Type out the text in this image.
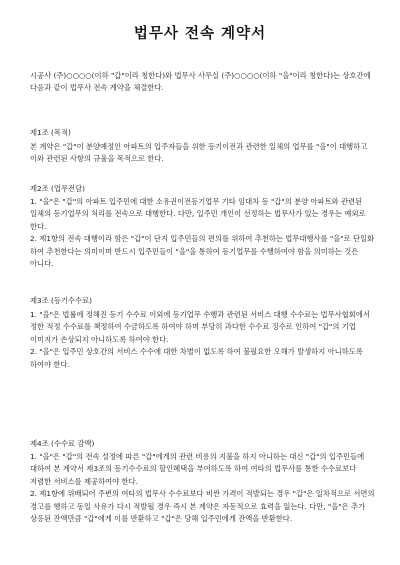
법무사 전속 계약서
시공사 (주)○○○○(이하 "갑"이라 칭한다)와 법무사 사무실 (주)○○○○(이하 "을"이라 칭한다)는 상호간에 다음과 같이 법무사 전속 계약을 체결한다.
제1조 (목적)

본 계약은 "갑"이 분양예정인 아파트의 입주자들을 위한 등기이전과 관련한 일체의 업무를 "을"이 대행하고 이와 관련된 사항의 규율을 목적으로 한다.

제2조 (업무전담)

1. "을"은 "갑"의 아파트 입주민에 대한 소유권이전등기업무 기타 임대차 등 "갑"의 분양 아파트와 관련된 일체의 등기업무의 처리를 전속으로 대행한다. 다만, 입주민 개인이 선정하는 법무사가 있는 경우는 예외로 한다.

2. 제1항의 전속 대행이라 함은 "갑"이 단지 입주민들의 편의를 위하여 추천하는 법무대행사를 "을"로 단일화 하여 추천한다는 의미이며 반드시 입주민들이 "을"을 통하여 등기업무를 수행하여야 함을 의미하는 것은 아니다.

제3조 (등기수수료)

1. "을"은 법률에 정해진 등기 수수료 이외에 등기업무 수행과 관련된 서비스 대행 수수료는 법무사협회에서 정한 적정 수수료를 책정하여 수금하도록 하여야 하며 부당히 과다한 수수료 징수로 인하여 "갑"의 기업 이미지가 손상되지 아니하도록 하여야 한다.

2. "을"은 입주민 상호간의 서비스 수수에 대한 차별이 없도록 하여 불필요한 오해가 발생하지 아니하도록 하여야 한다.

제4조 (수수료 감액)

1. "을"은 "갑"의 전속 설정에 따른 "갑"에게의 관련 비용의 지불을 하지 아니하는 대신 "갑"의 입주민들에 대하여 본 계약서 제3조의 등기수수료의 할인혜택을 부여하도록 하여 여타의 법무사를 통한 수수료보다 저렴한 서비스를 제공하여야 한다.

2. 제1항에 위배되어 주변의 여타의 법무사 수수료보다 비싼 가격이 적발되는 경우 "갑"은 일차적으로 서면의 경고를 행하고 동일 사유가 다시 적발될 경우 즉시 본 계약은 자동적으로 효력을 잃는다. 다만, "을"은 추가 상응된 잔액만큼 "갑"에게 이를 반환하고 "갑"은 당해 입주민에게 잔액을 반환한다.
